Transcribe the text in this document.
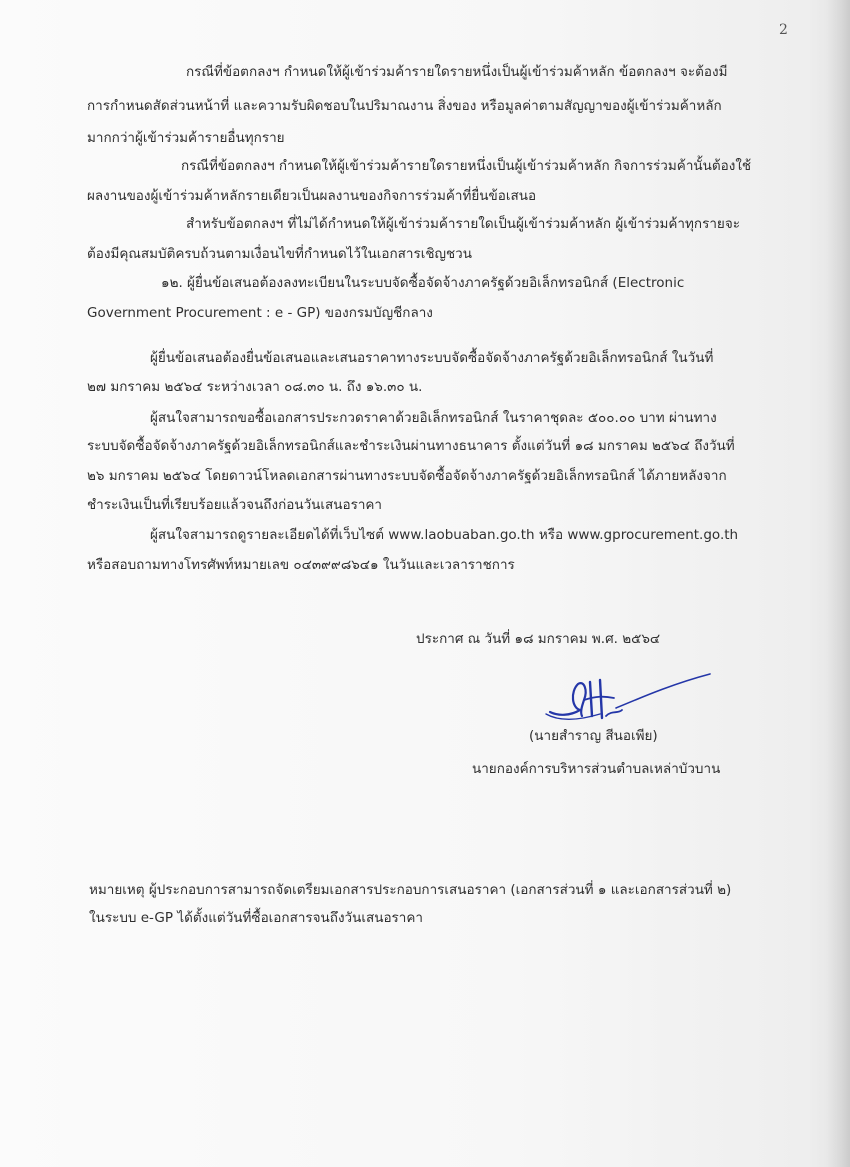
2
กรณีที่ข้อตกลงฯ กำหนดให้ผู้เข้าร่วมค้ารายใดรายหนึ่งเป็นผู้เข้าร่วมค้าหลัก ข้อตกลงฯ จะต้องมี
การกำหนดสัดส่วนหน้าที่ และความรับผิดชอบในปริมาณงาน สิ่งของ หรือมูลค่าตามสัญญาของผู้เข้าร่วมค้าหลัก
มากกว่าผู้เข้าร่วมค้ารายอื่นทุกราย
กรณีที่ข้อตกลงฯ กำหนดให้ผู้เข้าร่วมค้ารายใดรายหนึ่งเป็นผู้เข้าร่วมค้าหลัก กิจการร่วมค้านั้นต้องใช้
ผลงานของผู้เข้าร่วมค้าหลักรายเดียวเป็นผลงานของกิจการร่วมค้าที่ยื่นข้อเสนอ
สำหรับข้อตกลงฯ ที่ไม่ได้กำหนดให้ผู้เข้าร่วมค้ารายใดเป็นผู้เข้าร่วมค้าหลัก ผู้เข้าร่วมค้าทุกรายจะ
ต้องมีคุณสมบัติครบถ้วนตามเงื่อนไขที่กำหนดไว้ในเอกสารเชิญชวน
๑๒. ผู้ยื่นข้อเสนอต้องลงทะเบียนในระบบจัดซื้อจัดจ้างภาครัฐด้วยอิเล็กทรอนิกส์ (Electronic
Government Procurement : e - GP) ของกรมบัญชีกลาง
ผู้ยื่นข้อเสนอต้องยื่นข้อเสนอและเสนอราคาทางระบบจัดซื้อจัดจ้างภาครัฐด้วยอิเล็กทรอนิกส์ ในวันที่
๒๗ มกราคม ๒๕๖๔ ระหว่างเวลา ๐๘.๓๐ น. ถึง ๑๖.๓๐ น.
ผู้สนใจสามารถขอซื้อเอกสารประกวดราคาด้วยอิเล็กทรอนิกส์ ในราคาชุดละ ๕๐๐.๐๐ บาท ผ่านทาง
ระบบจัดซื้อจัดจ้างภาครัฐด้วยอิเล็กทรอนิกส์และชำระเงินผ่านทางธนาคาร ตั้งแต่วันที่ ๑๘ มกราคม ๒๕๖๔ ถึงวันที่
๒๖ มกราคม ๒๕๖๔ โดยดาวน์โหลดเอกสารผ่านทางระบบจัดซื้อจัดจ้างภาครัฐด้วยอิเล็กทรอนิกส์ ได้ภายหลังจาก
ชำระเงินเป็นที่เรียบร้อยแล้วจนถึงก่อนวันเสนอราคา
ผู้สนใจสามารถดูรายละเอียดได้ที่เว็บไซต์ www.laobuaban.go.th หรือ www.gprocurement.go.th
หรือสอบถามทางโทรศัพท์หมายเลข ๐๔๓๙๙๘๖๔๑ ในวันและเวลาราชการ
ประกาศ ณ วันที่ ๑๘ มกราคม พ.ศ. ๒๕๖๔
(นายสำราญ สีนอเพีย)
นายกองค์การบริหารส่วนตำบลเหล่าบัวบาน
หมายเหตุ ผู้ประกอบการสามารถจัดเตรียมเอกสารประกอบการเสนอราคา (เอกสารส่วนที่ ๑ และเอกสารส่วนที่ ๒)
ในระบบ e-GP ได้ตั้งแต่วันที่ซื้อเอกสารจนถึงวันเสนอราคา
